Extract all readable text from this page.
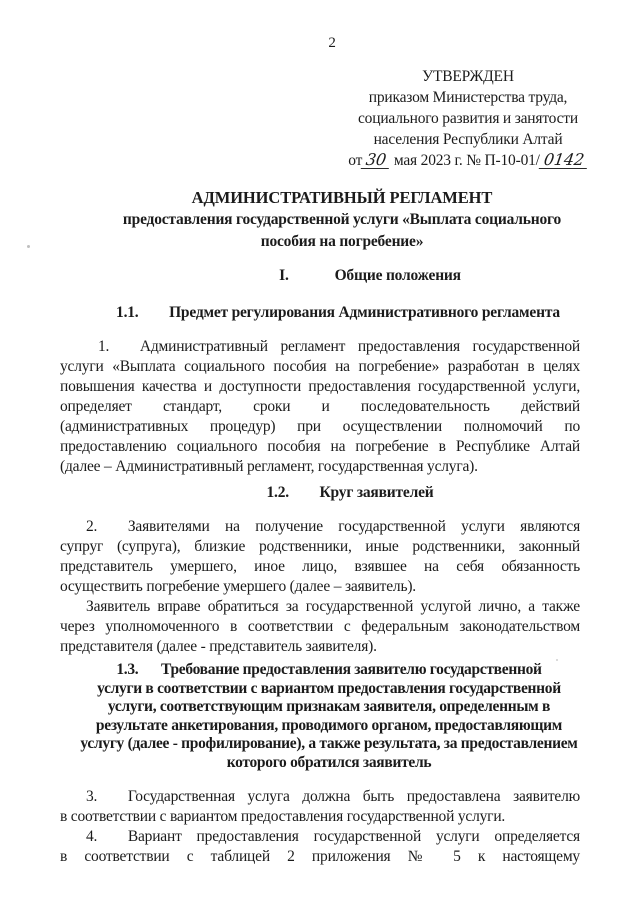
2
УТВЕРЖДЕН
приказом Министерства труда,
социального развития и занятости
населения Республики Алтай
от 30 мая 2023 г. № П-10-01/ 0142
АДМИНИСТРАТИВНЫЙ РЕГЛАМЕНТ
предоставления государственной услуги «Выплата социального
пособия на погребение»
I.   Общие положения
1.1.  Предмет регулирования Административного регламента
1.  Административный регламент предоставления государственной
услуги «Выплата социального пособия на погребение» разработан в целях
повышения качества и доступности предоставления государственной услуги,
определяет стандарт, сроки и последовательность действий
(административных процедур) при осуществлении полномочий по
предоставлению социального пособия на погребение в Республике Алтай
(далее – Административный регламент, государственная услуга).
1.2.  Круг заявителей
2.  Заявителями на получение государственной услуги являются
супруг (супруга), близкие родственники, иные родственники, законный
представитель умершего, иное лицо, взявшее на себя обязанность
осуществить погребение умершего (далее – заявитель).
Заявитель вправе обратиться за государственной услугой лично, а также
через уполномоченного в соответствии с федеральным законодательством
представителя (далее - представитель заявителя).
1.3.  Требование предоставления заявителю государственной
услуги в соответствии с вариантом предоставления государственной
услуги, соответствующим признакам заявителя, определенным в
результате анкетирования, проводимого органом, предоставляющим
услугу (далее - профилирование), а также результата, за предоставлением
которого обратился заявитель
3.  Государственная услуга должна быть предоставлена заявителю
в соответствии с вариантом предоставления государственной услуги.
4.  Вариант предоставления государственной услуги определяется
в соответствии с таблицей 2 приложения № 5 к настоящему
